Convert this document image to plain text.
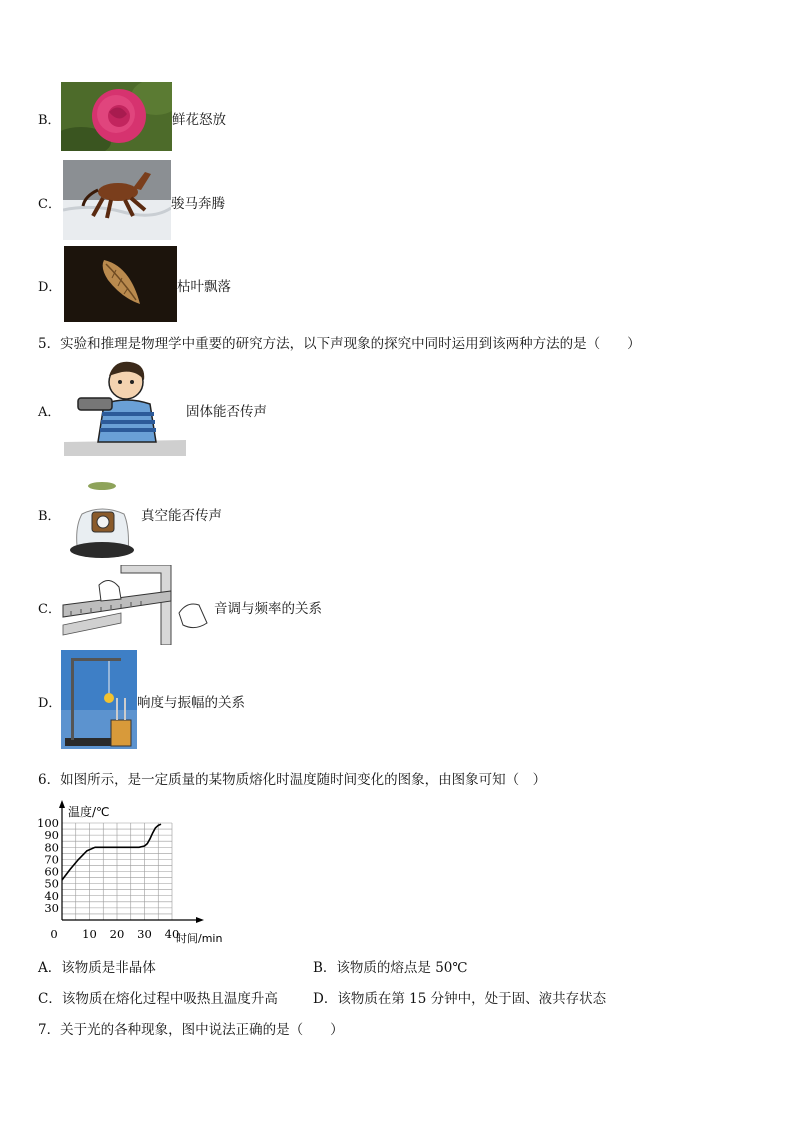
B．	鲜花怒放
C．	骏马奔腾
D．	枯叶飘落
5．实验和推理是物理学中重要的研究方法，以下声现象的探究中同时运用到该两种方法的是（　　）
A．	固体能否传声
B．	真空能否传声
C．	音调与频率的关系
D．	响度与振幅的关系
6．如图所示，是一定质量的某物质熔化时温度随时间变化的图象，由图象可知（　）
温度/℃
时间/min
30
40
50
60
70
80
90
100
0 10 20 30 40
A．该物质是非晶体	B．该物质的熔点是 50℃
C．该物质在熔化过程中吸热且温度升高	D．该物质在第 15 分钟中，处于固、液共存状态
7．关于光的各种现象，图中说法正确的是（　　）
